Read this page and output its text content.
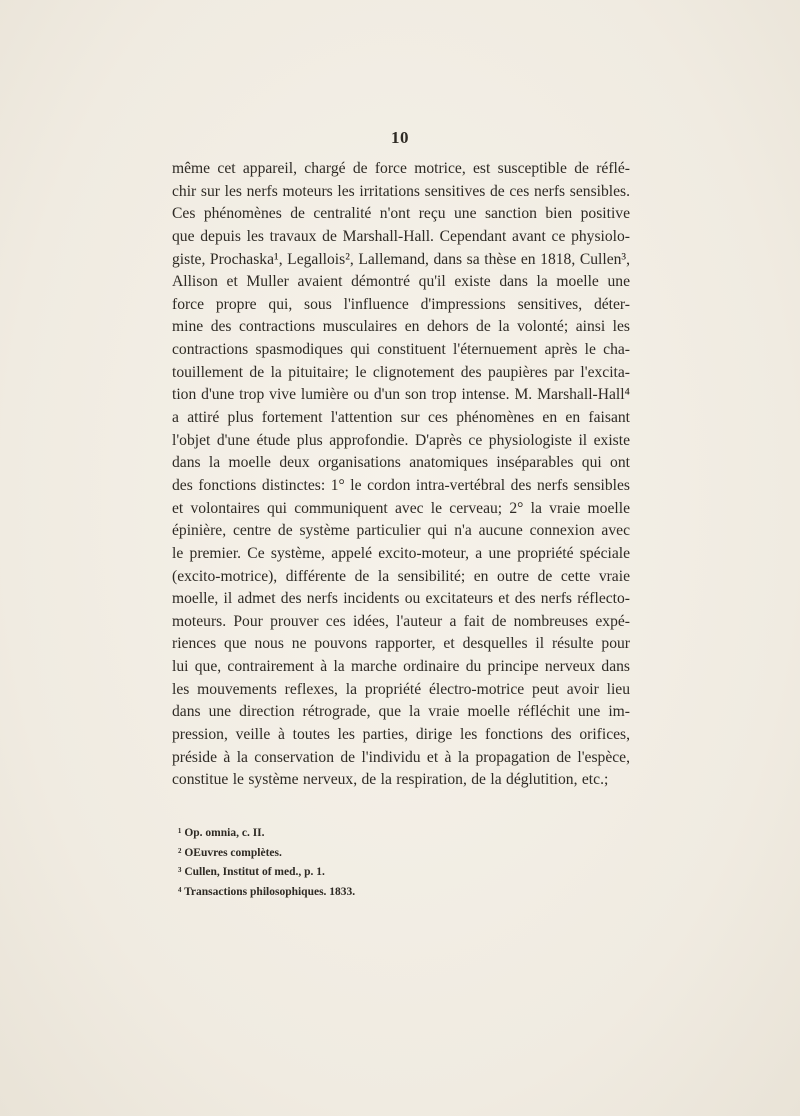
10
même cet appareil, chargé de force motrice, est susceptible de réflé-
chir sur les nerfs moteurs les irritations sensitives de ces nerfs sensibles.
Ces phénomènes de centralité n'ont reçu une sanction bien positive
que depuis les travaux de Marshall-Hall. Cependant avant ce physiolo-
giste, Prochaska¹, Legallois², Lallemand, dans sa thèse en 1818, Cullen³,
Allison et Muller avaient démontré qu'il existe dans la moelle une
force propre qui, sous l'influence d'impressions sensitives, déter-
mine des contractions musculaires en dehors de la volonté; ainsi les
contractions spasmodiques qui constituent l'éternuement après le cha-
touillement de la pituitaire; le clignotement des paupières par l'excita-
tion d'une trop vive lumière ou d'un son trop intense. M. Marshall-Hall⁴
a attiré plus fortement l'attention sur ces phénomènes en en faisant
l'objet d'une étude plus approfondie. D'après ce physiologiste il existe
dans la moelle deux organisations anatomiques inséparables qui ont
des fonctions distinctes: 1° le cordon intra-vertébral des nerfs sensibles
et volontaires qui communiquent avec le cerveau; 2° la vraie moelle
épinière, centre de système particulier qui n'a aucune connexion avec
le premier. Ce système, appelé excito-moteur, a une propriété spéciale
(excito-motrice), différente de la sensibilité; en outre de cette vraie
moelle, il admet des nerfs incidents ou excitateurs et des nerfs réflecto-
moteurs. Pour prouver ces idées, l'auteur a fait de nombreuses expé-
riences que nous ne pouvons rapporter, et desquelles il résulte pour
lui que, contrairement à la marche ordinaire du principe nerveux dans
les mouvements reflexes, la propriété électro-motrice peut avoir lieu
dans une direction rétrograde, que la vraie moelle réfléchit une im-
pression, veille à toutes les parties, dirige les fonctions des orifices,
préside à la conservation de l'individu et à la propagation de l'espèce,
constitue le système nerveux, de la respiration, de la déglutition, etc.;
¹ Op. omnia, c. II.
² OEuvres complètes.
³ Cullen, Institut of med., p. 1.
⁴ Transactions philosophiques. 1833.
